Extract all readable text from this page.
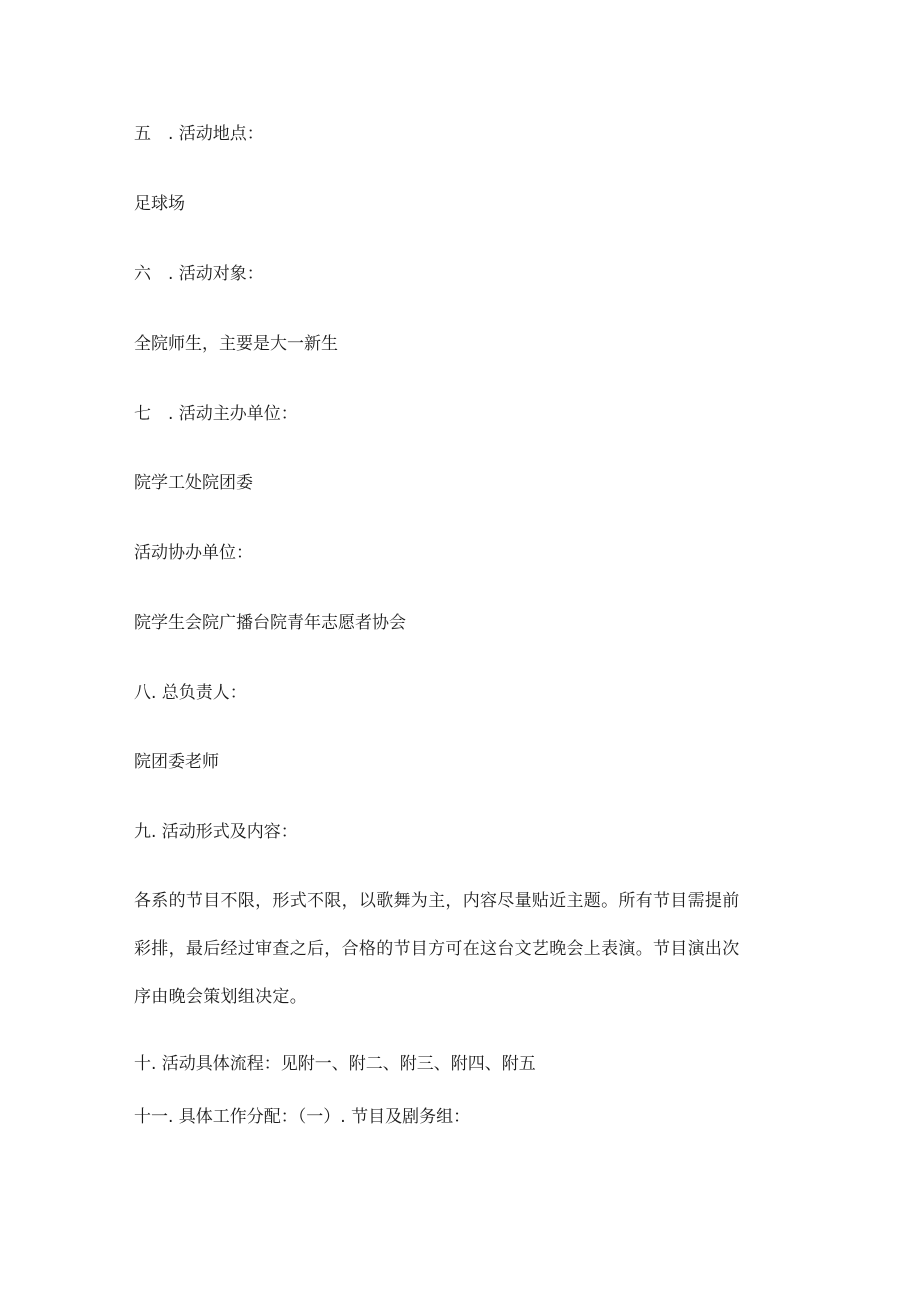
五　. 活动地点：
足球场
六　. 活动对象：
全院师生，主要是大一新生
七　. 活动主办单位：
院学工处院团委
活动协办单位：
院学生会院广播台院青年志愿者协会
八. 总负责人：
院团委老师
九. 活动形式及内容：
各系的节目不限，形式不限，以歌舞为主，内容尽量贴近主题。所有节目需提前
彩排，最后经过审查之后，合格的节目方可在这台文艺晚会上表演。节目演出次
序由晚会策划组决定。
十. 活动具体流程：见附一、附二、附三、附四、附五
十一. 具体工作分配：（一）. 节目及剧务组：
